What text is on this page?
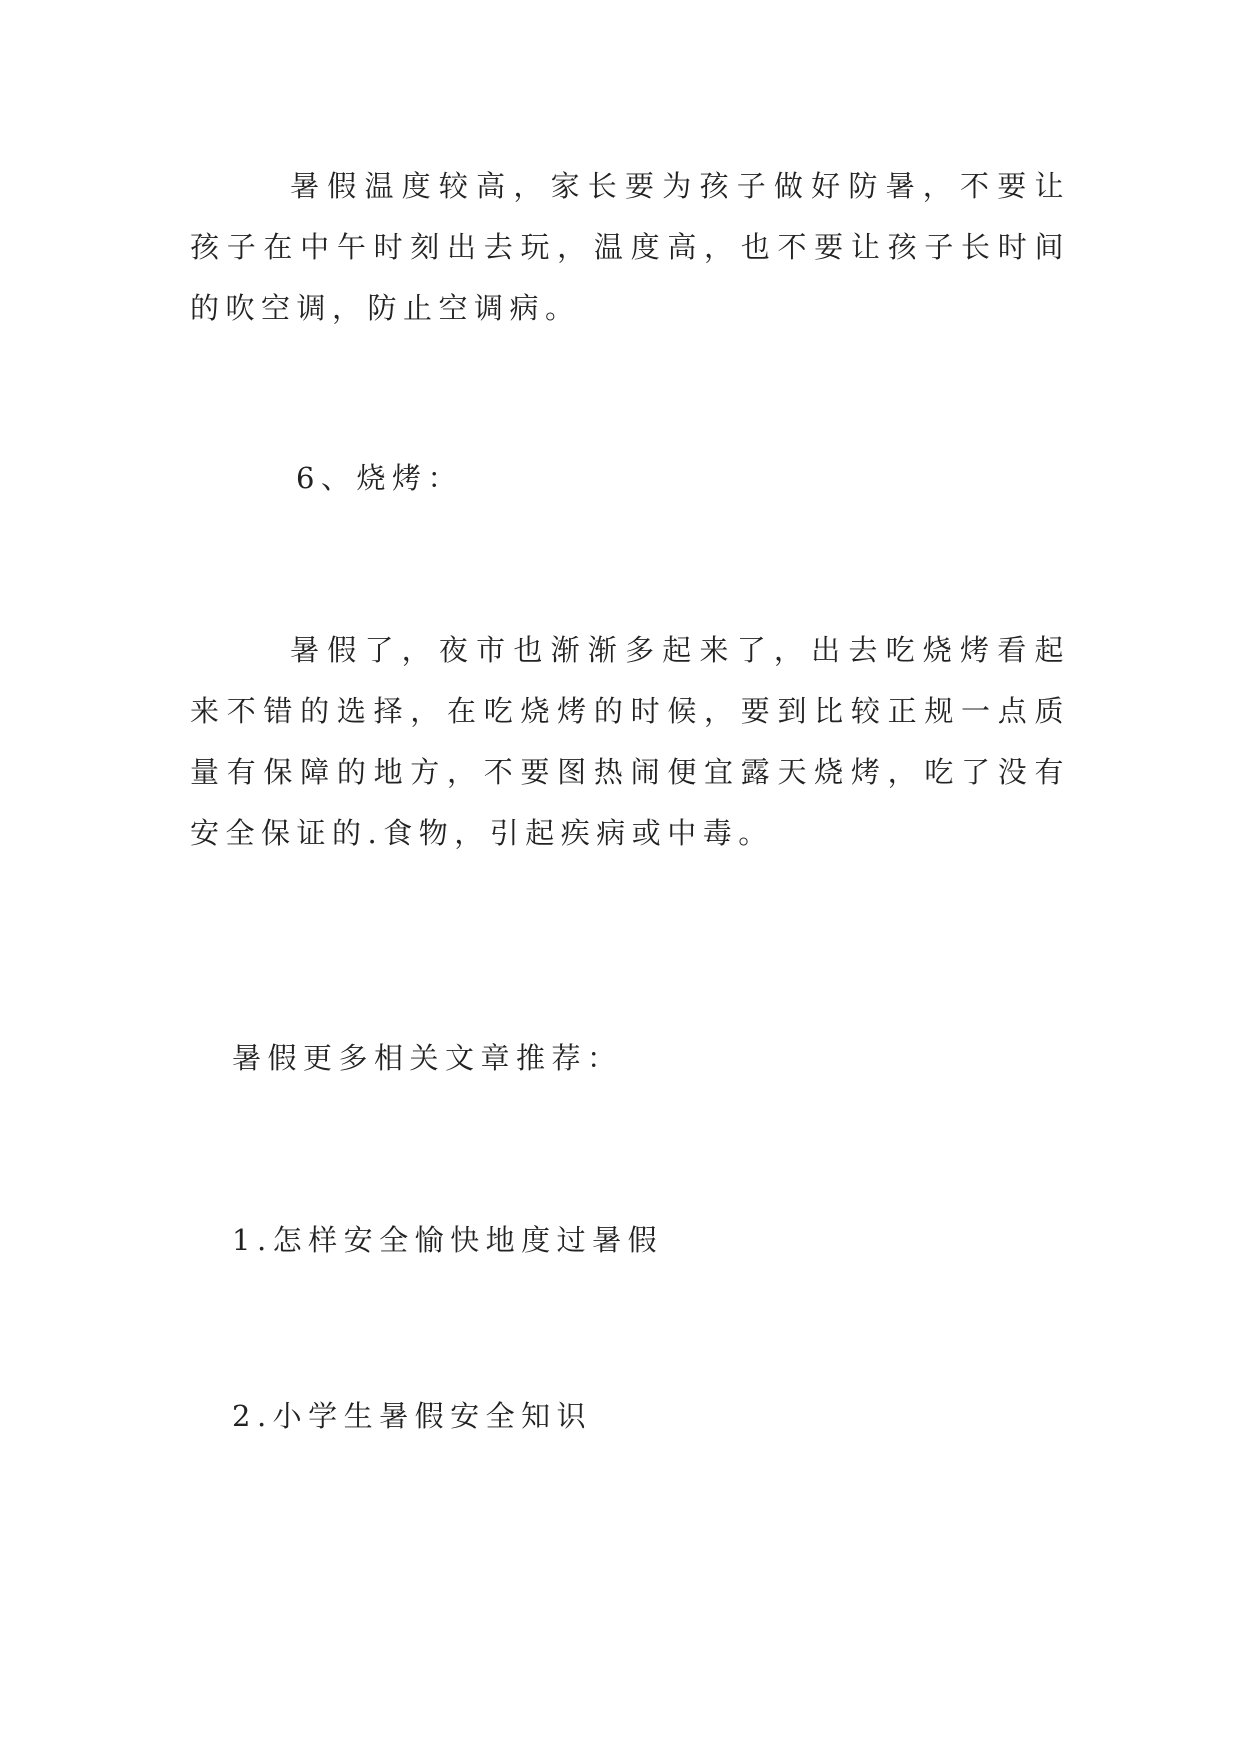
暑假温度较高，家长要为孩子做好防暑，不要让孩子在中午时刻出去玩，温度高，也不要让孩子长时间的吹空调，防止空调病。

6、烧烤：

暑假了，夜市也渐渐多起来了，出去吃烧烤看起来不错的选择，在吃烧烤的时候，要到比较正规一点质量有保障的地方，不要图热闹便宜露天烧烤，吃了没有安全保证的.食物，引起疾病或中毒。

暑假更多相关文章推荐：

1.怎样安全愉快地度过暑假

2.小学生暑假安全知识
